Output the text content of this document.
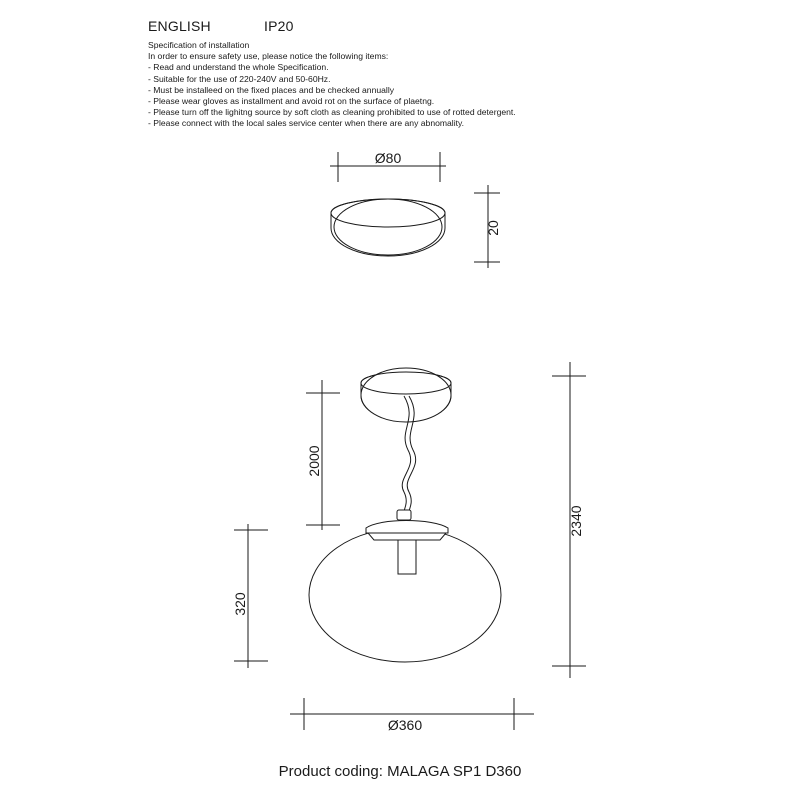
ENGLISH	IP20
Specification of installation
In order to ensure safety use, please notice the following items:
- Read and understand the whole Specification.
- Suitable for the use of 220-240V and 50-60Hz.
- Must be installeed on the fixed places and be checked annually
- Please wear gloves as installment and avoid rot on the surface of plaetng.
- Please turn off the lighitng source by soft cloth as cleaning prohibited to use of rotted detergent.
- Please connect with the local sales service center when there are any abnomality.
Ø80
20
2000
320
2340
Ø360
Product coding: MALAGA SP1 D360
